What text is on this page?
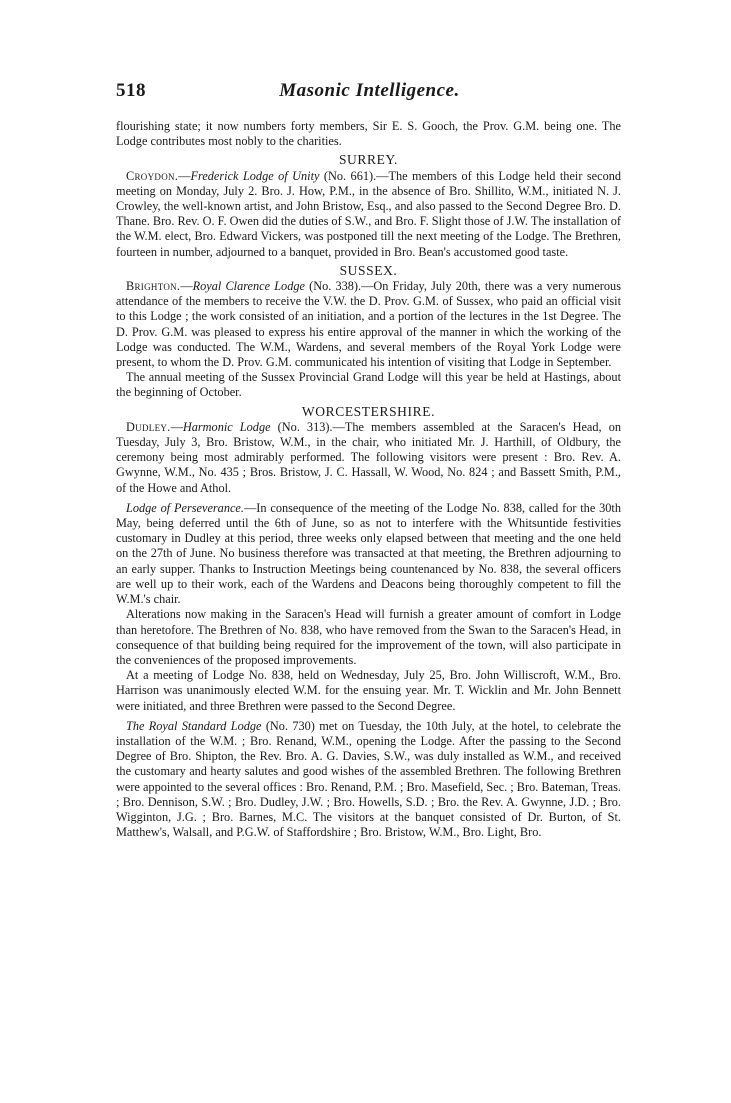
518	Masonic Intelligence.

flourishing state; it now numbers forty members, Sir E. S. Gooch, the Prov. G.M. being one. The Lodge contributes most nobly to the charities.

SURREY.

Croydon.—Frederick Lodge of Unity (No. 661).—The members of this Lodge held their second meeting on Monday, July 2. Bro. J. How, P.M., in the absence of Bro. Shillito, W.M., initiated N. J. Crowley, the well-known artist, and John Bristow, Esq., and also passed to the Second Degree Bro. D. Thane. Bro. Rev. O. F. Owen did the duties of S.W., and Bro. F. Slight those of J.W. The installation of the W.M. elect, Bro. Edward Vickers, was postponed till the next meeting of the Lodge. The Brethren, fourteen in number, adjourned to a banquet, provided in Bro. Bean's accustomed good taste.

SUSSEX.

Brighton.—Royal Clarence Lodge (No. 338).—On Friday, July 20th, there was a very numerous attendance of the members to receive the V.W. the D. Prov. G.M. of Sussex, who paid an official visit to this Lodge ; the work consisted of an initiation, and a portion of the lectures in the 1st Degree. The D. Prov. G.M. was pleased to express his entire approval of the manner in which the working of the Lodge was conducted. The W.M., Wardens, and several members of the Royal York Lodge were present, to whom the D. Prov. G.M. communicated his intention of visiting that Lodge in September.

The annual meeting of the Sussex Provincial Grand Lodge will this year be held at Hastings, about the beginning of October.

WORCESTERSHIRE.

Dudley.—Harmonic Lodge (No. 313).—The members assembled at the Saracen's Head, on Tuesday, July 3, Bro. Bristow, W.M., in the chair, who initiated Mr. J. Harthill, of Oldbury, the ceremony being most admirably performed. The following visitors were present : Bro. Rev. A. Gwynne, W.M., No. 435 ; Bros. Bristow, J. C. Hassall, W. Wood, No. 824 ; and Bassett Smith, P.M., of the Howe and Athol.

Lodge of Perseverance.—In consequence of the meeting of the Lodge No. 838, called for the 30th May, being deferred until the 6th of June, so as not to interfere with the Whitsuntide festivities customary in Dudley at this period, three weeks only elapsed between that meeting and the one held on the 27th of June. No business therefore was transacted at that meeting, the Brethren adjourning to an early supper. Thanks to Instruction Meetings being countenanced by No. 838, the several officers are well up to their work, each of the Wardens and Deacons being thoroughly competent to fill the W.M.'s chair.

Alterations now making in the Saracen's Head will furnish a greater amount of comfort in Lodge than heretofore. The Brethren of No. 838, who have removed from the Swan to the Saracen's Head, in consequence of that building being required for the improvement of the town, will also participate in the conveniences of the proposed improvements.

At a meeting of Lodge No. 838, held on Wednesday, July 25, Bro. John Williscroft, W.M., Bro. Harrison was unanimously elected W.M. for the ensuing year. Mr. T. Wicklin and Mr. John Bennett were initiated, and three Brethren were passed to the Second Degree.

The Royal Standard Lodge (No. 730) met on Tuesday, the 10th July, at the hotel, to celebrate the installation of the W.M. ; Bro. Renand, W.M., opening the Lodge. After the passing to the Second Degree of Bro. Shipton, the Rev. Bro. A. G. Davies, S.W., was duly installed as W.M., and received the customary and hearty salutes and good wishes of the assembled Brethren. The following Brethren were appointed to the several offices : Bro. Renand, P.M. ; Bro. Masefield, Sec. ; Bro. Bateman, Treas. ; Bro. Dennison, S.W. ; Bro. Dudley, J.W. ; Bro. Howells, S.D. ; Bro. the Rev. A. Gwynne, J.D. ; Bro. Wigginton, J.G. ; Bro. Barnes, M.C. The visitors at the banquet consisted of Dr. Burton, of St. Matthew's, Walsall, and P.G.W. of Staffordshire ; Bro. Bristow, W.M., Bro. Light, Bro.
